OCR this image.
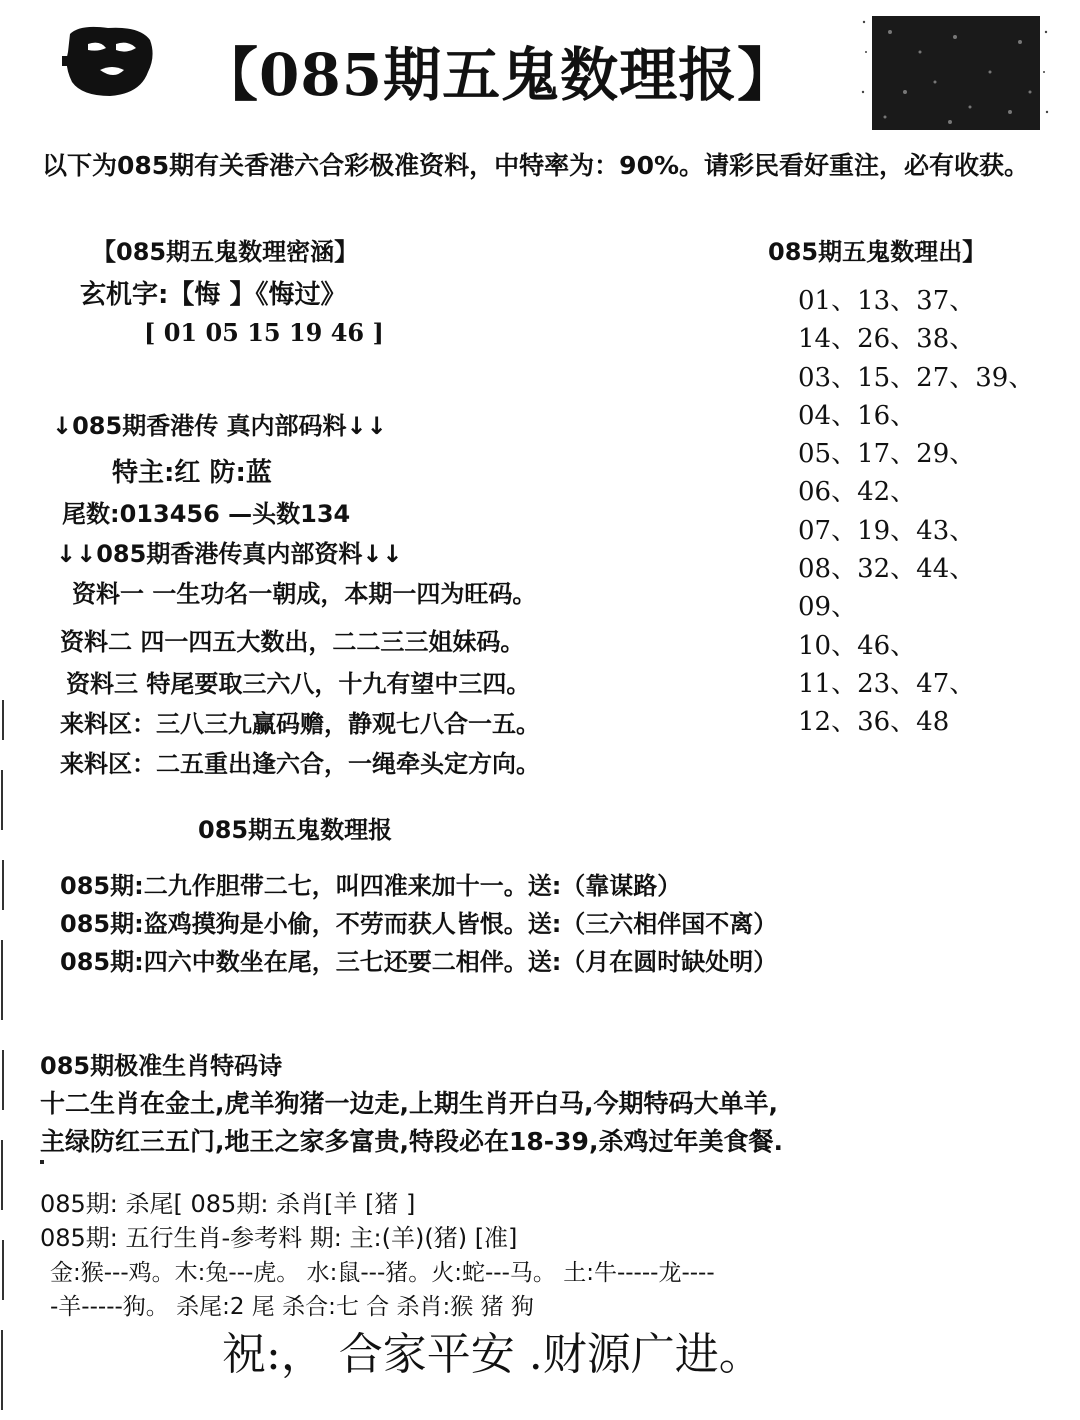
【085期五鬼数理报】
以下为085期有关香港六合彩极准资料，中特率为：90%。请彩民看好重注，必有收获。
【085期五鬼数理密涵】
玄机字:【悔 】《悔过》
[ 01 05 15 19 46 ]
↓085期香港传 真内部码料↓↓
特主:红 防:蓝
尾数:013456 —头数134
↓↓085期香港传真内部资料↓↓
资料一 一生功名一朝成，本期一四为旺码。
资料二 四一四五大数出，二二三三姐妹码。
资料三 特尾要取三六八，十九有望中三四。
来料区：三八三九赢码赡，静观七八合一五。
来料区：二五重出逢六合，一绳牵头定方向。
085期五鬼数理出】
01、13、37、
14、26、38、
03、15、27、39、
04、16、
05、17、29、
06、42、
07、19、43、
08、32、44、
09、
10、46、
11、23、47、
12、36、48
085期五鬼数理报
085期:二九作胆带二七，叫四准来加十一。送:（靠谋路）
085期:盗鸡摸狗是小偷，不劳而获人皆恨。送:（三六相伴国不离）
085期:四六中数坐在尾，三七还要二相伴。送:（月在圆时缺处明）
085期极准生肖特码诗
十二生肖在金土,虎羊狗猪一边走,上期生肖开白马,今期特码大单羊,
主绿防红三五门,地王之家多富贵,特段必在18-39,杀鸡过年美食餐.
085期: 杀尾[ 085期: 杀肖[羊 [猪 ]
085期: 五行生肖-参考料 期: 主:(羊)(猪) [准]
金:猴---鸡。木:兔---虎。 水:鼠---猪。火:蛇---马。 土:牛-----龙----
-羊-----狗。 杀尾:2 尾 杀合:七 合 杀肖:猴 猪 狗
祝:， 合家平安 .财源广进。
